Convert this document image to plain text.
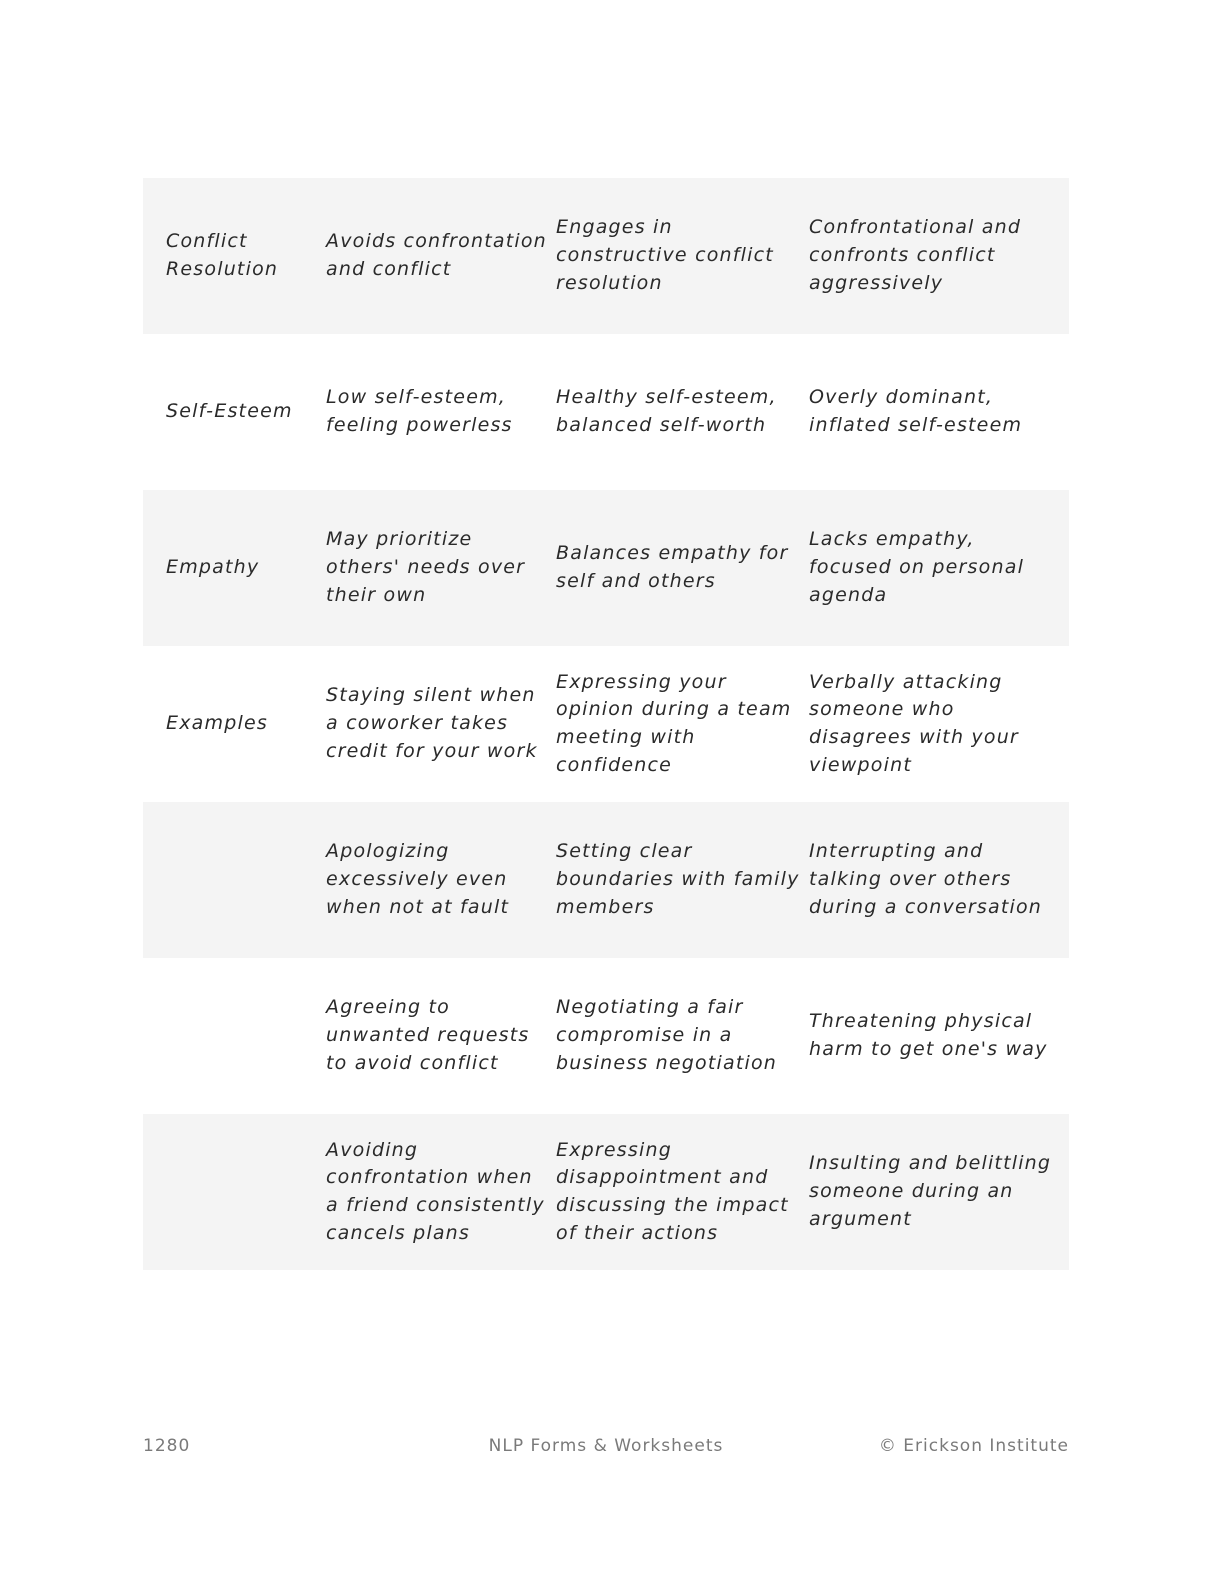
Conflict Resolution
Avoids confrontation and conflict
Engages in constructive conflict resolution
Confrontational and confronts conflict aggressively
Self-Esteem
Low self-esteem, feeling powerless
Healthy self-esteem, balanced self-worth
Overly dominant, inflated self-esteem
Empathy
May prioritize others' needs over their own
Balances empathy for self and others
Lacks empathy, focused on personal agenda
Examples
Staying silent when a coworker takes credit for your work
Expressing your opinion during a team meeting with confidence
Verbally attacking someone who disagrees with your viewpoint
Apologizing excessively even when not at fault
Setting clear boundaries with family members
Interrupting and talking over others during a conversation
Agreeing to unwanted requests to avoid conflict
Negotiating a fair compromise in a business negotiation
Threatening physical harm to get one's way
Avoiding confrontation when a friend consistently cancels plans
Expressing disappointment and discussing the impact of their actions
Insulting and belittling someone during an argument
NLP Forms & Worksheets
1280	© Erickson Institute
